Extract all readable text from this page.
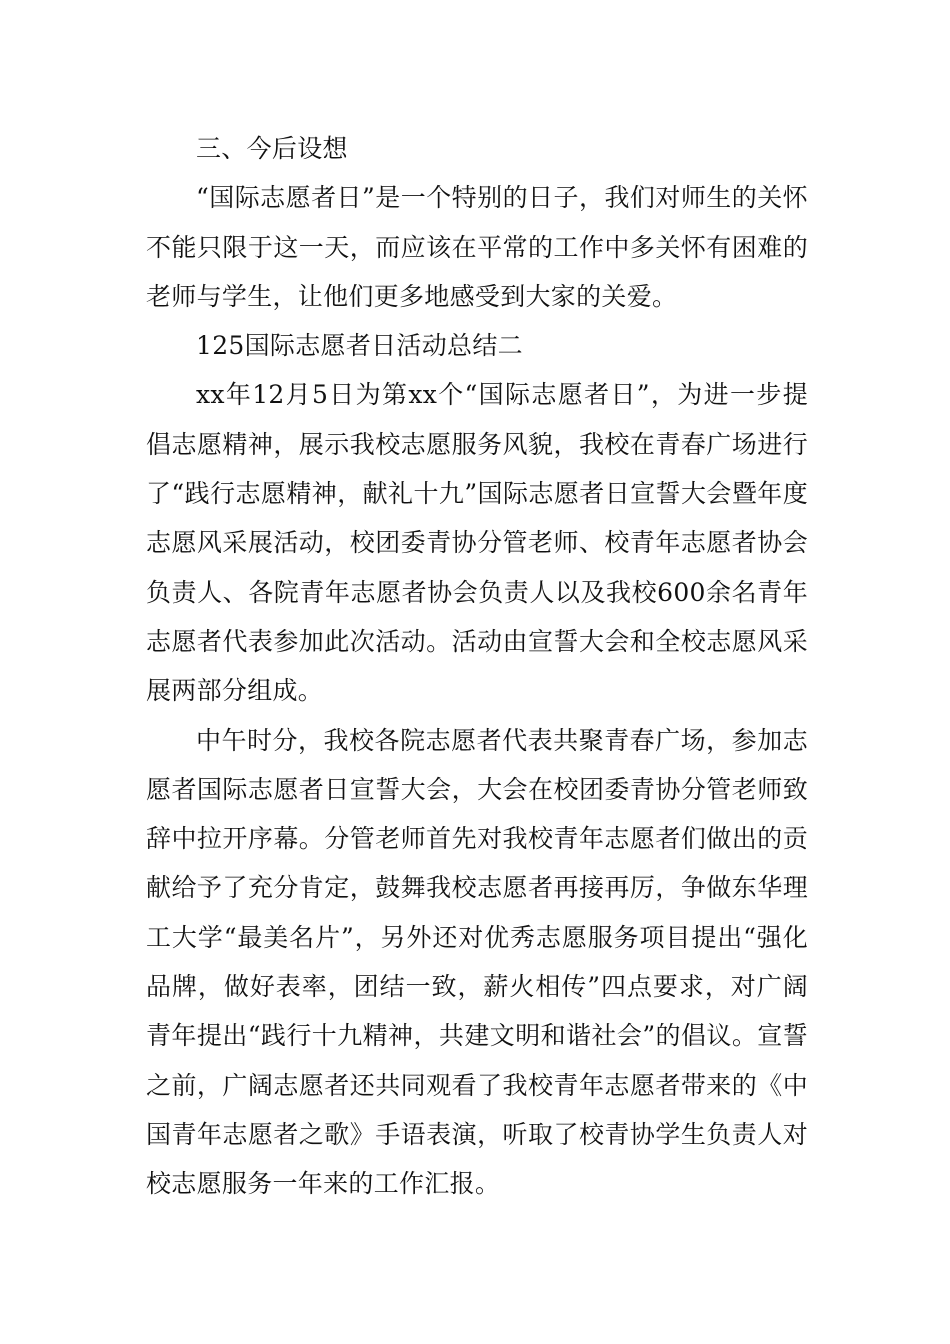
三、今后设想

“国际志愿者日”是一个特别的日子，我们对师生的关怀不能只限于这一天，而应该在平常的工作中多关怀有困难的老师与学生，让他们更多地感受到大家的关爱。

125国际志愿者日活动总结二

xx年12月5日为第xx个“国际志愿者日”，为进一步提倡志愿精神，展示我校志愿服务风貌，我校在青春广场进行了“践行志愿精神，献礼十九”国际志愿者日宣誓大会暨年度志愿风采展活动，校团委青协分管老师、校青年志愿者协会负责人、各院青年志愿者协会负责人以及我校600余名青年志愿者代表参加此次活动。活动由宣誓大会和全校志愿风采展两部分组成。

中午时分，我校各院志愿者代表共聚青春广场，参加志愿者国际志愿者日宣誓大会，大会在校团委青协分管老师致辞中拉开序幕。分管老师首先对我校青年志愿者们做出的贡献给予了充分肯定，鼓舞我校志愿者再接再厉，争做东华理工大学“最美名片”，另外还对优秀志愿服务项目提出“强化品牌，做好表率，团结一致，薪火相传”四点要求，对广阔青年提出“践行十九精神，共建文明和谐社会”的倡议。宣誓之前，广阔志愿者还共同观看了我校青年志愿者带来的《中国青年志愿者之歌》手语表演，听取了校青协学生负责人对校志愿服务一年来的工作汇报。
